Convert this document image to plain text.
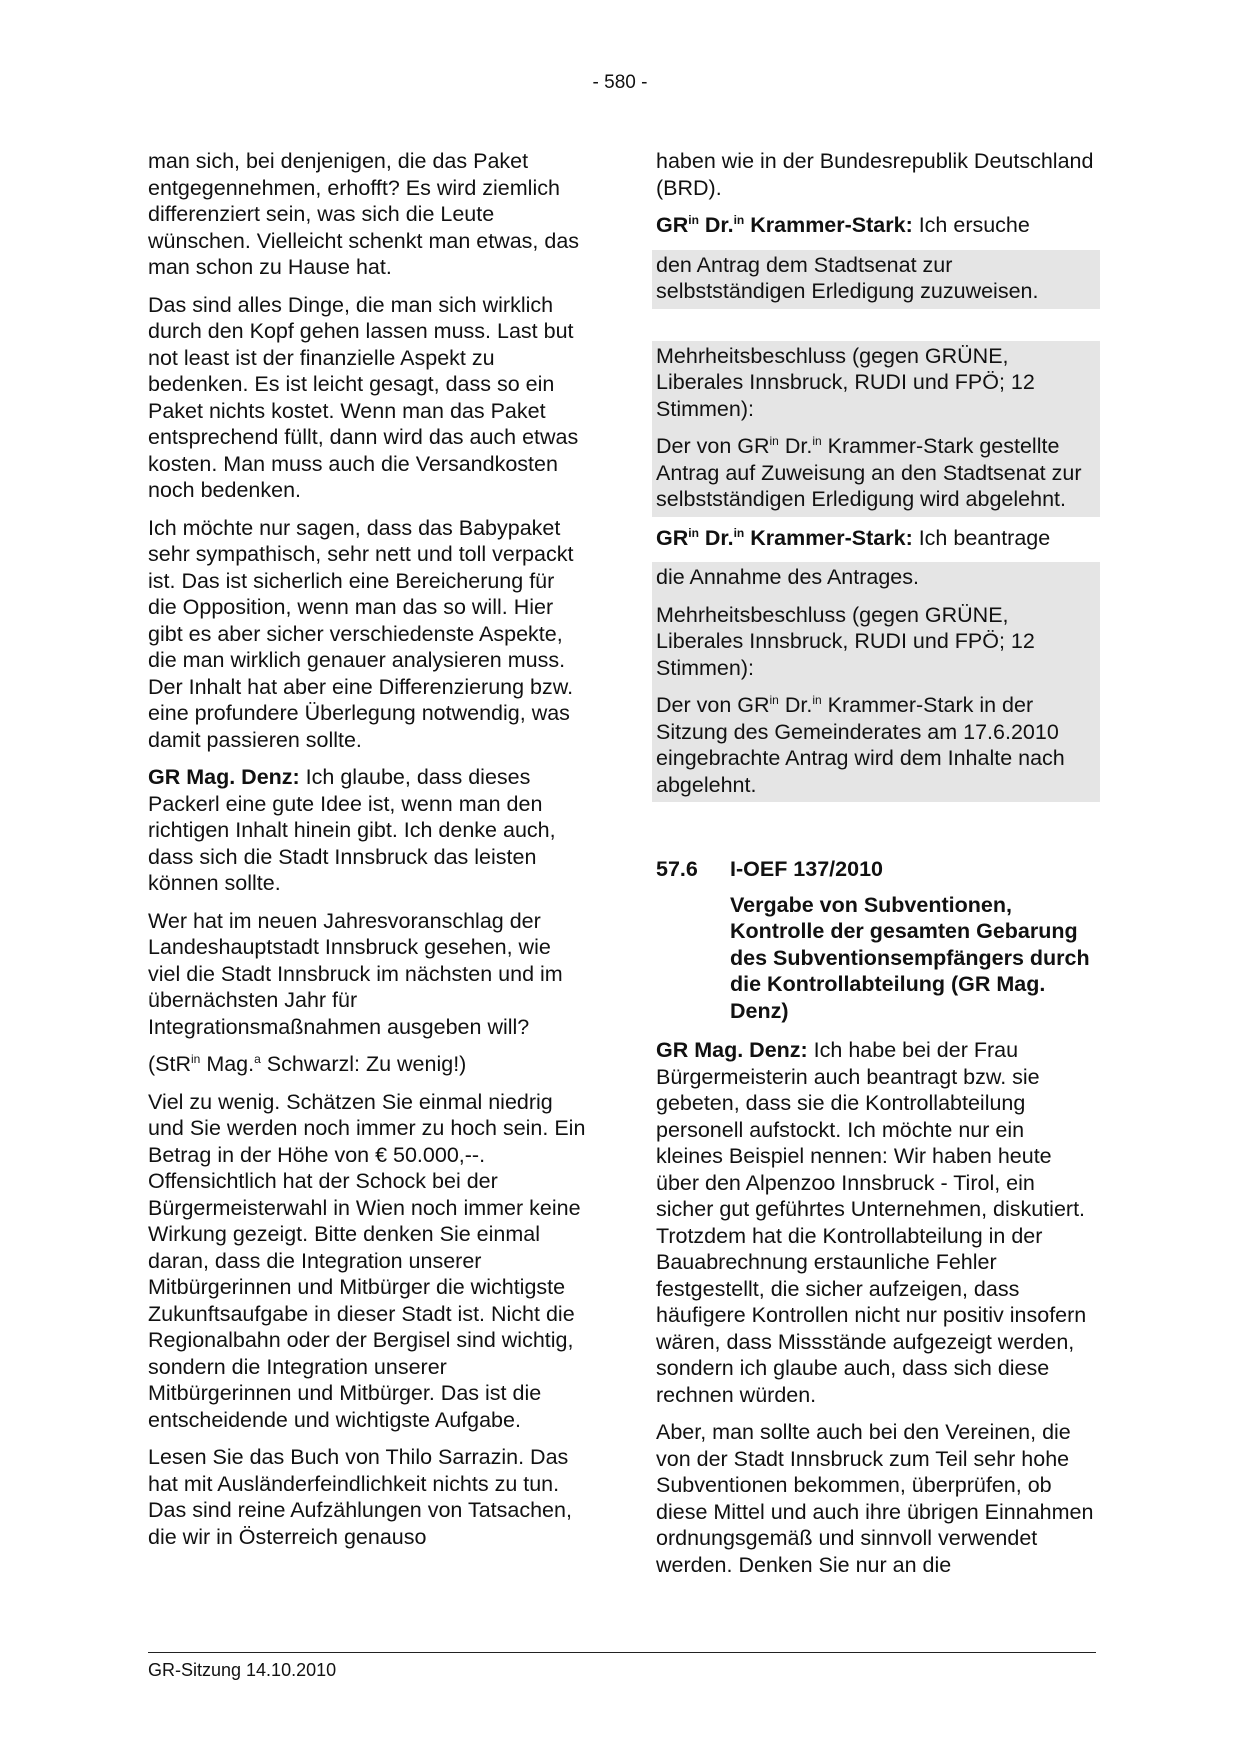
- 580 -

man sich, bei denjenigen, die das Paket entgegennehmen, erhofft? Es wird ziemlich differenziert sein, was sich die Leute wünschen. Vielleicht schenkt man etwas, das man schon zu Hause hat.

Das sind alles Dinge, die man sich wirklich durch den Kopf gehen lassen muss. Last but not least ist der finanzielle Aspekt zu bedenken. Es ist leicht gesagt, dass so ein Paket nichts kostet. Wenn man das Paket entsprechend füllt, dann wird das auch etwas kosten. Man muss auch die Versandkosten noch bedenken.

Ich möchte nur sagen, dass das Babypaket sehr sympathisch, sehr nett und toll verpackt ist. Das ist sicherlich eine Bereicherung für die Opposition, wenn man das so will. Hier gibt es aber sicher verschiedenste Aspekte, die man wirklich genauer analysieren muss. Der Inhalt hat aber eine Differenzierung bzw. eine profundere Überlegung notwendig, was damit passieren sollte.

GR Mag. Denz: Ich glaube, dass dieses Packerl eine gute Idee ist, wenn man den richtigen Inhalt hinein gibt. Ich denke auch, dass sich die Stadt Innsbruck das leisten können sollte.

Wer hat im neuen Jahresvoranschlag der Landeshauptstadt Innsbruck gesehen, wie viel die Stadt Innsbruck im nächsten und im übernächsten Jahr für Integrationsmaßnahmen ausgeben will?

(StR$^{in}$ Mag.$^a$ Schwarzl: Zu wenig!)

Viel zu wenig. Schätzen Sie einmal niedrig und Sie werden noch immer zu hoch sein. Ein Betrag in der Höhe von € 50.000,--. Offensichtlich hat der Schock bei der Bürgermeisterwahl in Wien noch immer keine Wirkung gezeigt. Bitte denken Sie einmal daran, dass die Integration unserer Mitbürgerinnen und Mitbürger die wichtigste Zukunftsaufgabe in dieser Stadt ist. Nicht die Regionalbahn oder der Bergisel sind wichtig, sondern die Integration unserer Mitbürgerinnen und Mitbürger. Das ist die entscheidende und wichtigste Aufgabe.

Lesen Sie das Buch von Thilo Sarrazin. Das hat mit Ausländerfeindlichkeit nichts zu tun. Das sind reine Aufzählungen von Tatsachen, die wir in Österreich genauso

haben wie in der Bundesrepublik Deutschland (BRD).

$GR^{in}$ Dr.$^{in}$ Krammer-Stark: Ich ersuche

den Antrag dem Stadtsenat zur selbstständigen Erledigung zuzuweisen.

Mehrheitsbeschluss (gegen GRÜNE, Liberales Innsbruck, RUDI und FPÖ; 12 Stimmen):

Der von $GR^{in}$ Dr.$^{in}$ Krammer-Stark gestellte Antrag auf Zuweisung an den Stadtsenat zur selbstständigen Erledigung wird abgelehnt.

$GR^{in}$ Dr.$^{in}$ Krammer-Stark: Ich beantrage

die Annahme des Antrages.

Mehrheitsbeschluss (gegen GRÜNE, Liberales Innsbruck, RUDI und FPÖ; 12 Stimmen):

Der von $GR^{in}$ Dr.$^{in}$ Krammer-Stark in der Sitzung des Gemeinderates am 17.6.2010 eingebrachte Antrag wird dem Inhalte nach abgelehnt.

57.6 I-OEF 137/2010
Vergabe von Subventionen, Kontrolle der gesamten Gebarung des Subventionsempfängers durch die Kontrollabteilung (GR Mag. Denz)

GR Mag. Denz: Ich habe bei der Frau Bürgermeisterin auch beantragt bzw. sie gebeten, dass sie die Kontrollabteilung personell aufstockt. Ich möchte nur ein kleines Beispiel nennen: Wir haben heute über den Alpenzoo Innsbruck - Tirol, ein sicher gut geführtes Unternehmen, diskutiert. Trotzdem hat die Kontrollabteilung in der Bauabrechnung erstaunliche Fehler festgestellt, die sicher aufzeigen, dass häufigere Kontrollen nicht nur positiv insofern wären, dass Missstände aufgezeigt werden, sondern ich glaube auch, dass sich diese rechnen würden.

Aber, man sollte auch bei den Vereinen, die von der Stadt Innsbruck zum Teil sehr hohe Subventionen bekommen, überprüfen, ob diese Mittel und auch ihre übrigen Einnahmen ordnungsgemäß und sinnvoll verwendet werden. Denken Sie nur an die

GR-Sitzung 14.10.2010
